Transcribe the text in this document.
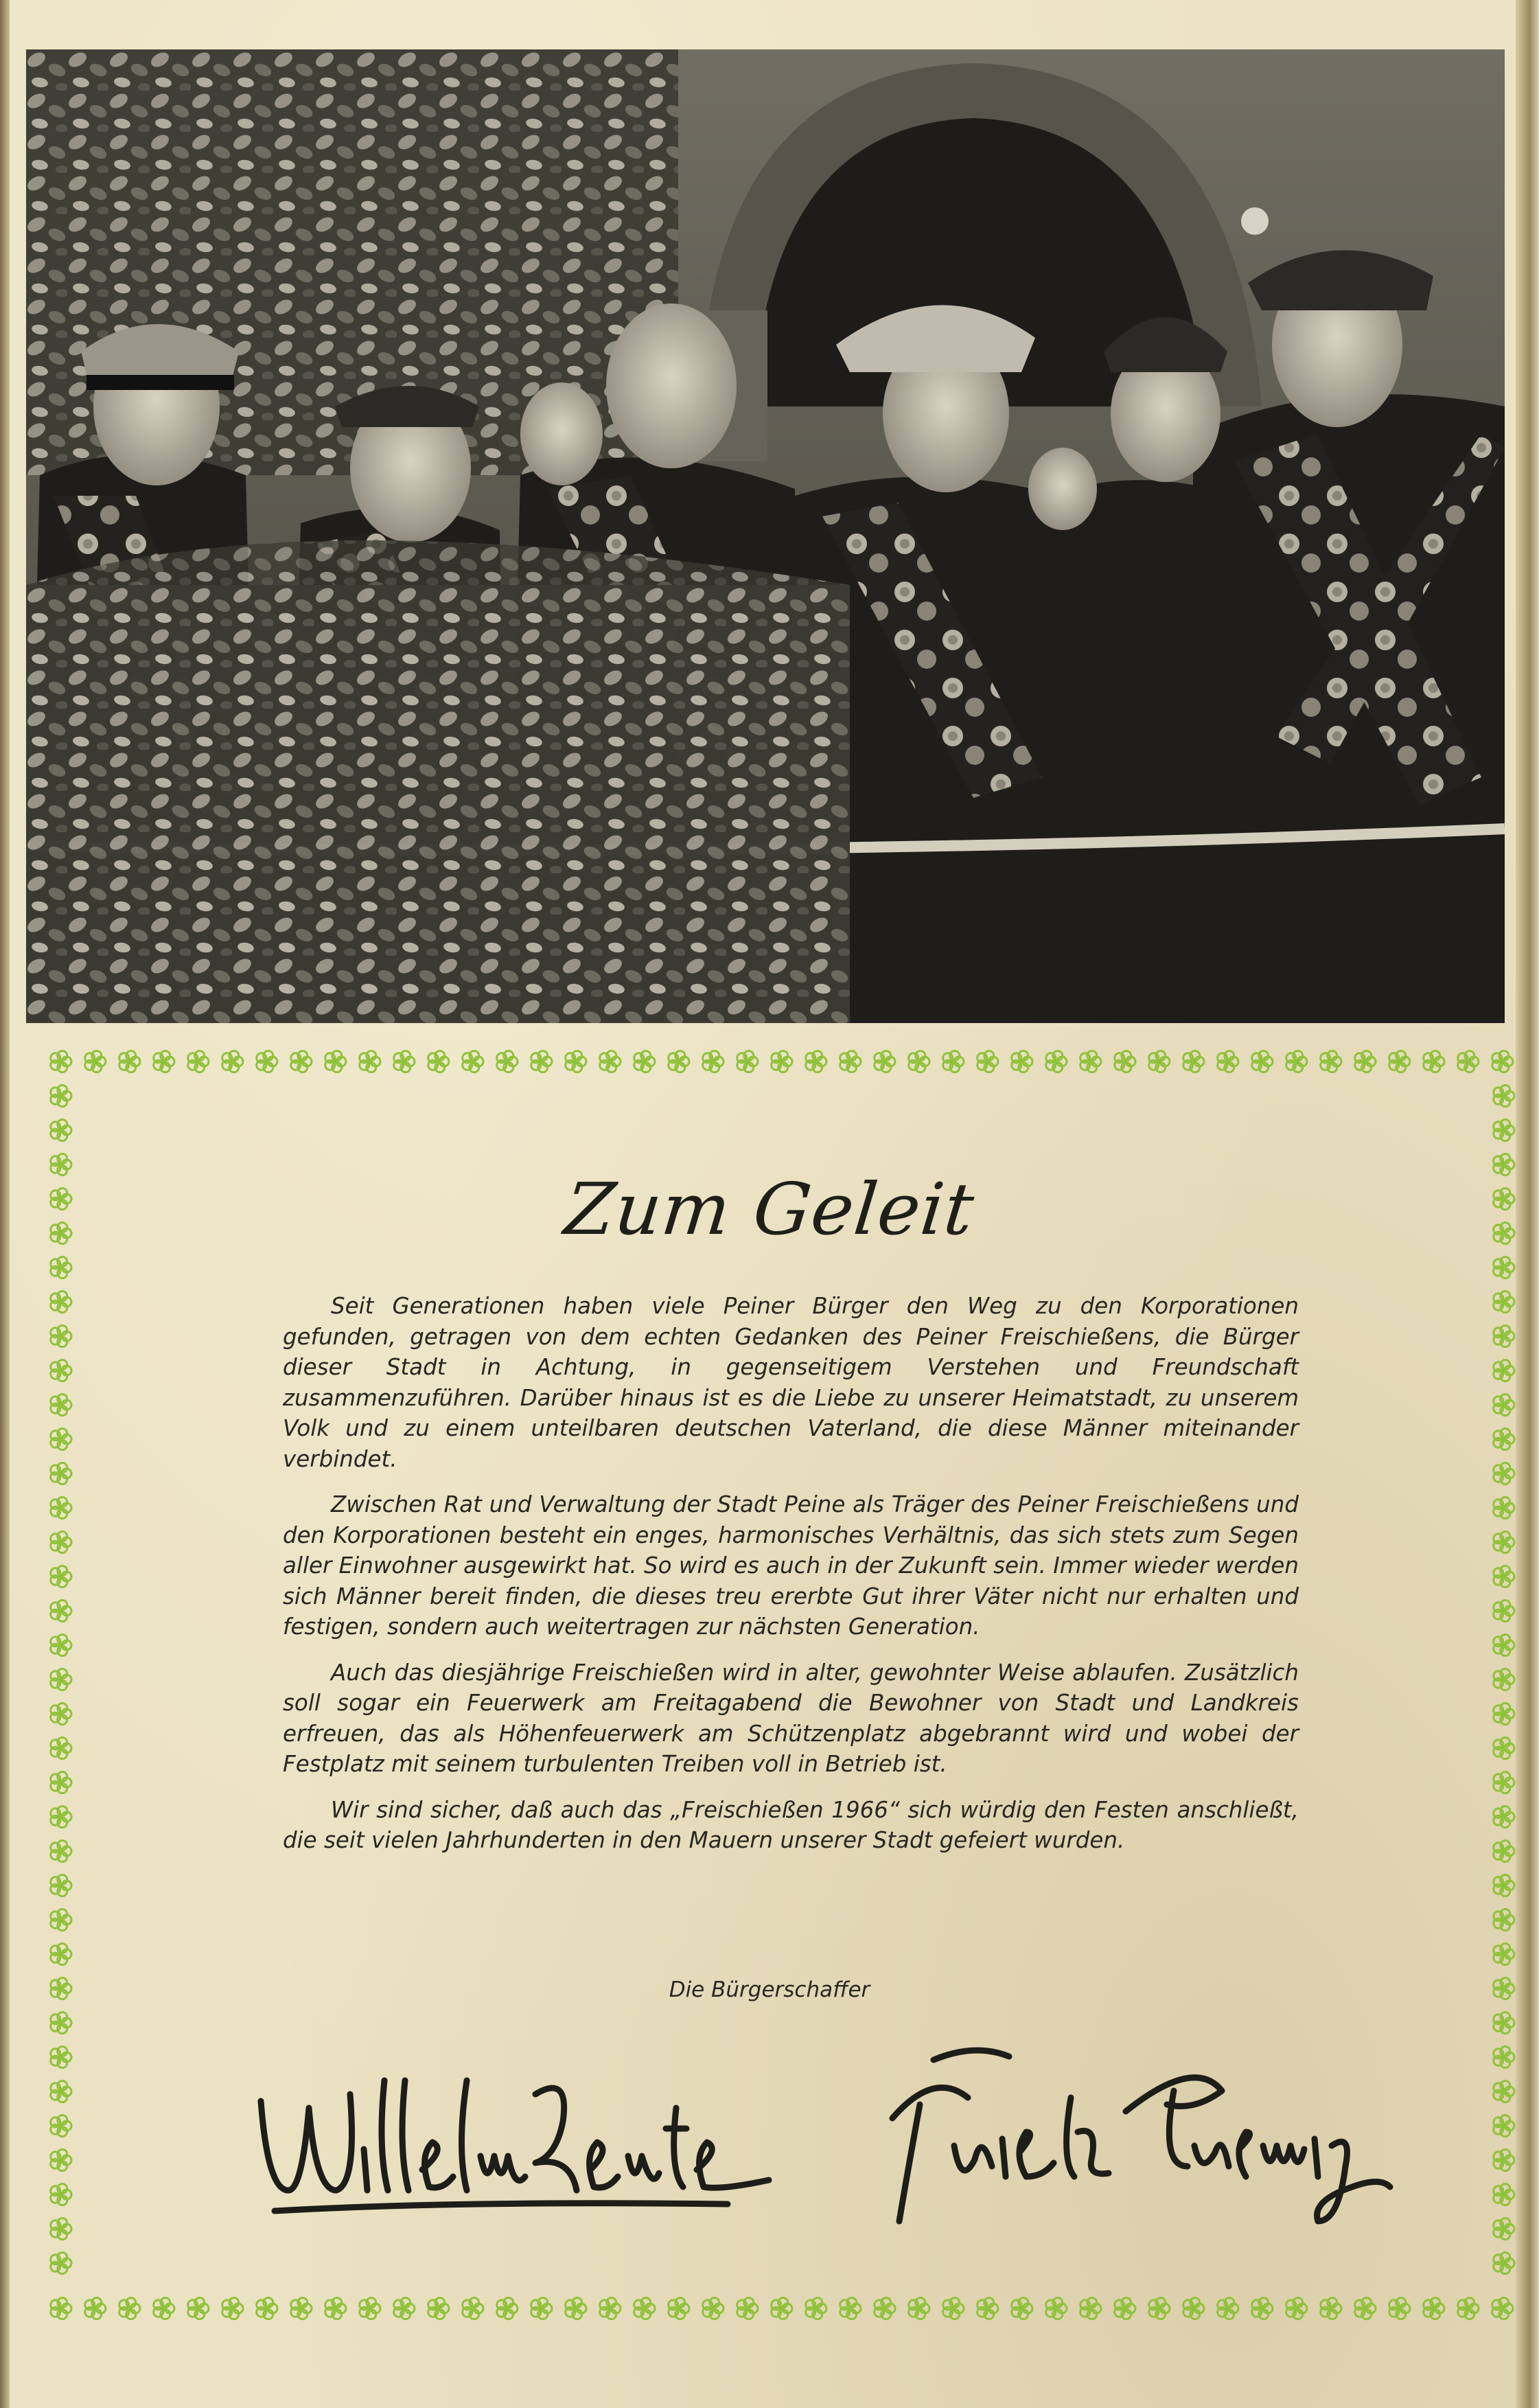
Zum Geleit

Seit Generationen haben viele Peiner Bürger den Weg zu den Korporationen gefunden, getragen von dem echten Gedanken des Peiner Freischießens, die Bürger dieser Stadt in Achtung, in gegenseitigem Verstehen und Freundschaft zusammenzuführen. Darüber hinaus ist es die Liebe zu unserer Heimatstadt, zu unserem Volk und zu einem unteilbaren deutschen Vaterland, die diese Männer miteinander verbindet.

Zwischen Rat und Verwaltung der Stadt Peine als Träger des Peiner Freischießens und den Korporationen besteht ein enges, harmonisches Verhältnis, das sich stets zum Segen aller Einwohner ausgewirkt hat. So wird es auch in der Zukunft sein. Immer wieder werden sich Männer bereit finden, die dieses treu ererbte Gut ihrer Väter nicht nur erhalten und festigen, sondern auch weitertragen zur nächsten Generation.

Auch das diesjährige Freischießen wird in alter, gewohnter Weise ablaufen. Zusätzlich soll sogar ein Feuerwerk am Freitagabend die Bewohner von Stadt und Landkreis erfreuen, das als Höhenfeuerwerk am Schützenplatz abgebrannt wird und wobei der Festplatz mit seinem turbulenten Treiben voll in Betrieb ist.

Wir sind sicher, daß auch das „Freischießen 1966“ sich würdig den Festen anschließt, die seit vielen Jahrhunderten in den Mauern unserer Stadt gefeiert wurden.

Die Bürgerschaffer
